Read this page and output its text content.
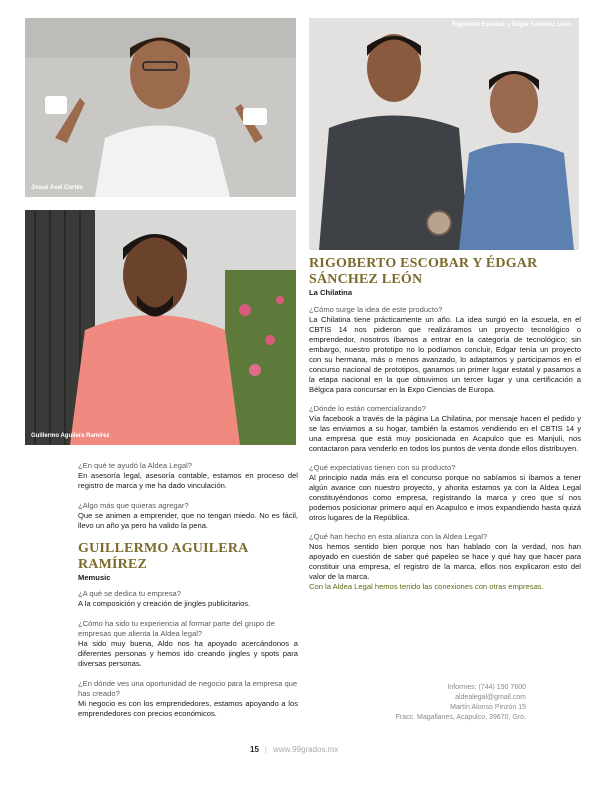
Josué Axel Cortés
Rigoberto Escobar y Édgar Sánchez León
Guillermo Aguilera Ramírez
¿En qué te ayudó la Aldea Legal?
En asesoría legal, asesoría contable, estamos en proceso del registro de marca y me ha dado vinculación.
¿Algo más que quieras agregar?
Que se animen a emprender, que no tengan miedo. No es fácil, llevo un año ya pero ha valido la pena.
GUILLERMO AGUILERA RAMÍREZ
Memusic
¿A qué se dedica tu empresa?
A la composición y creación de jingles publicitarios.
¿Cómo ha sido tu experiencia al formar parte del grupo de empresas que alienta la Aldea legal?
Ha sido muy buena, Aldo nos ha apoyado acercándonos a diferentes personas y hemos ido creando jingles y spots para diversas personas.
¿En dónde ves una oportunidad de negocio para la empresa que has creado?
Mi negocio es con los emprendedores, estamos apoyando a los emprendedores con precios económicos.
RIGOBERTO ESCOBAR Y ÉDGAR
SÁNCHEZ LEÓN
La Chilatina
¿Cómo surge la idea de este producto?
La Chilatina tiene prácticamente un año. La idea surgió en la escuela, en el CBTIS 14 nos pidieron que realizáramos un proyecto tecnológico o emprendedor, nosotros íbamos a entrar en la categoría de tecnológico; sin embargo, nuestro prototipo no lo podíamos concluir, Edgar tenía un proyecto con su hermana, más o menos avanzado, lo adaptamos y participamos en el concurso nacional de prototipos, ganamos un primer lugar estatal y pasamos a la etapa nacional en la que obtuvimos un tercer lugar y una certificación a Bélgica para concursar en la Expo Ciencias de Europa.
¿Dónde lo están comercializando?
Vía facebook a través de la página La Chilatina, por mensaje hacen el pedido y se las enviamos a su hogar, también la estamos vendiendo en el CBTIS 14 y una empresa que está muy posicionada en Acapulco que es Manjuli, nos contactaron para venderlo en todos los puntos de venta donde ellos distribuyen.
¿Qué expectativas tienen con su producto?
Al principio nada más era el concurso porque no sabíamos si íbamos a tener algún avance con nuestro proyecto, y ahorita estamos ya con la Aldea Legal constituyéndonos como empresa, registrando la marca y creo que sí nos podemos posicionar primero aquí en Acapulco e irnos expandiendo hasta quizá otros lugares de la República.
¿Qué han hecho en esta alianza con la Aldea Legal?
Nos hemos sentido bien porque nos han hablado con la verdad, nos han apoyado en cuestión de saber qué papeleo se hace y qué hay que hacer para constituir una empresa, el registro de la marca, ellos nos explicaron esto del valor de la marca.
Con la Aldea Legal hemos tenido las conexiones con otras empresas.
Informes: (744) 190 7600
aldealegal@gmail.com
Martín Alonso Pinzón 15
Fracc. Magallanes, Acapulco, 39670, Gro.
15 | www.99grados.mx
